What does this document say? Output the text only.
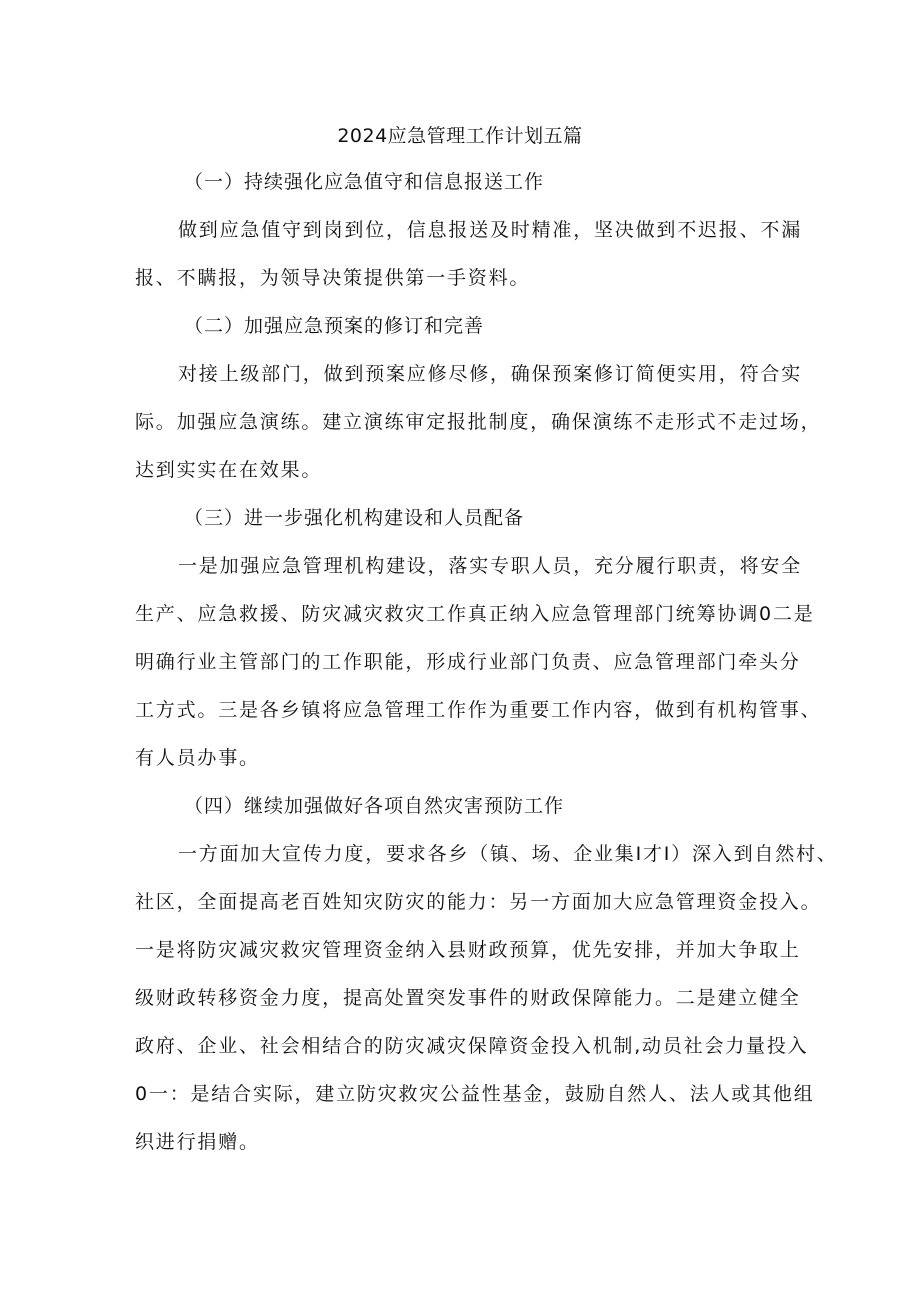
2024应急管理工作计划五篇
（一）持续强化应急值守和信息报送工作
做到应急值守到岗到位，信息报送及时精准，坚决做到不迟报、不漏
报、不瞒报，为领导决策提供第一手资料。
（二）加强应急预案的修订和完善
对接上级部门，做到预案应修尽修，确保预案修订简便实用，符合实
际。加强应急演练。建立演练审定报批制度，确保演练不走形式不走过场，
达到实实在在效果。
（三）进一步强化机构建设和人员配备
一是加强应急管理机构建设，落实专职人员，充分履行职责，将安全
生产、应急救援、防灾减灾救灾工作真正纳入应急管理部门统筹协调0二是
明确行业主管部门的工作职能，形成行业部门负责、应急管理部门牵头分
工方式。三是各乡镇将应急管理工作作为重要工作内容，做到有机构管事、
有人员办事。
（四）继续加强做好各项自然灾害预防工作
一方面加大宣传力度，要求各乡（镇、场、企业集I才I）深入到自然村、
社区，全面提高老百姓知灾防灾的能力：另一方面加大应急管理资金投入。
一是将防灾减灾救灾管理资金纳入县财政预算，优先安排，并加大争取上
级财政转移资金力度，提高处置突发事件的财政保障能力。二是建立健全
政府、企业、社会相结合的防灾减灾保障资金投入机制,动员社会力量投入
0一：是结合实际，建立防灾救灾公益性基金，鼓励自然人、法人或其他组
织进行捐赠。
